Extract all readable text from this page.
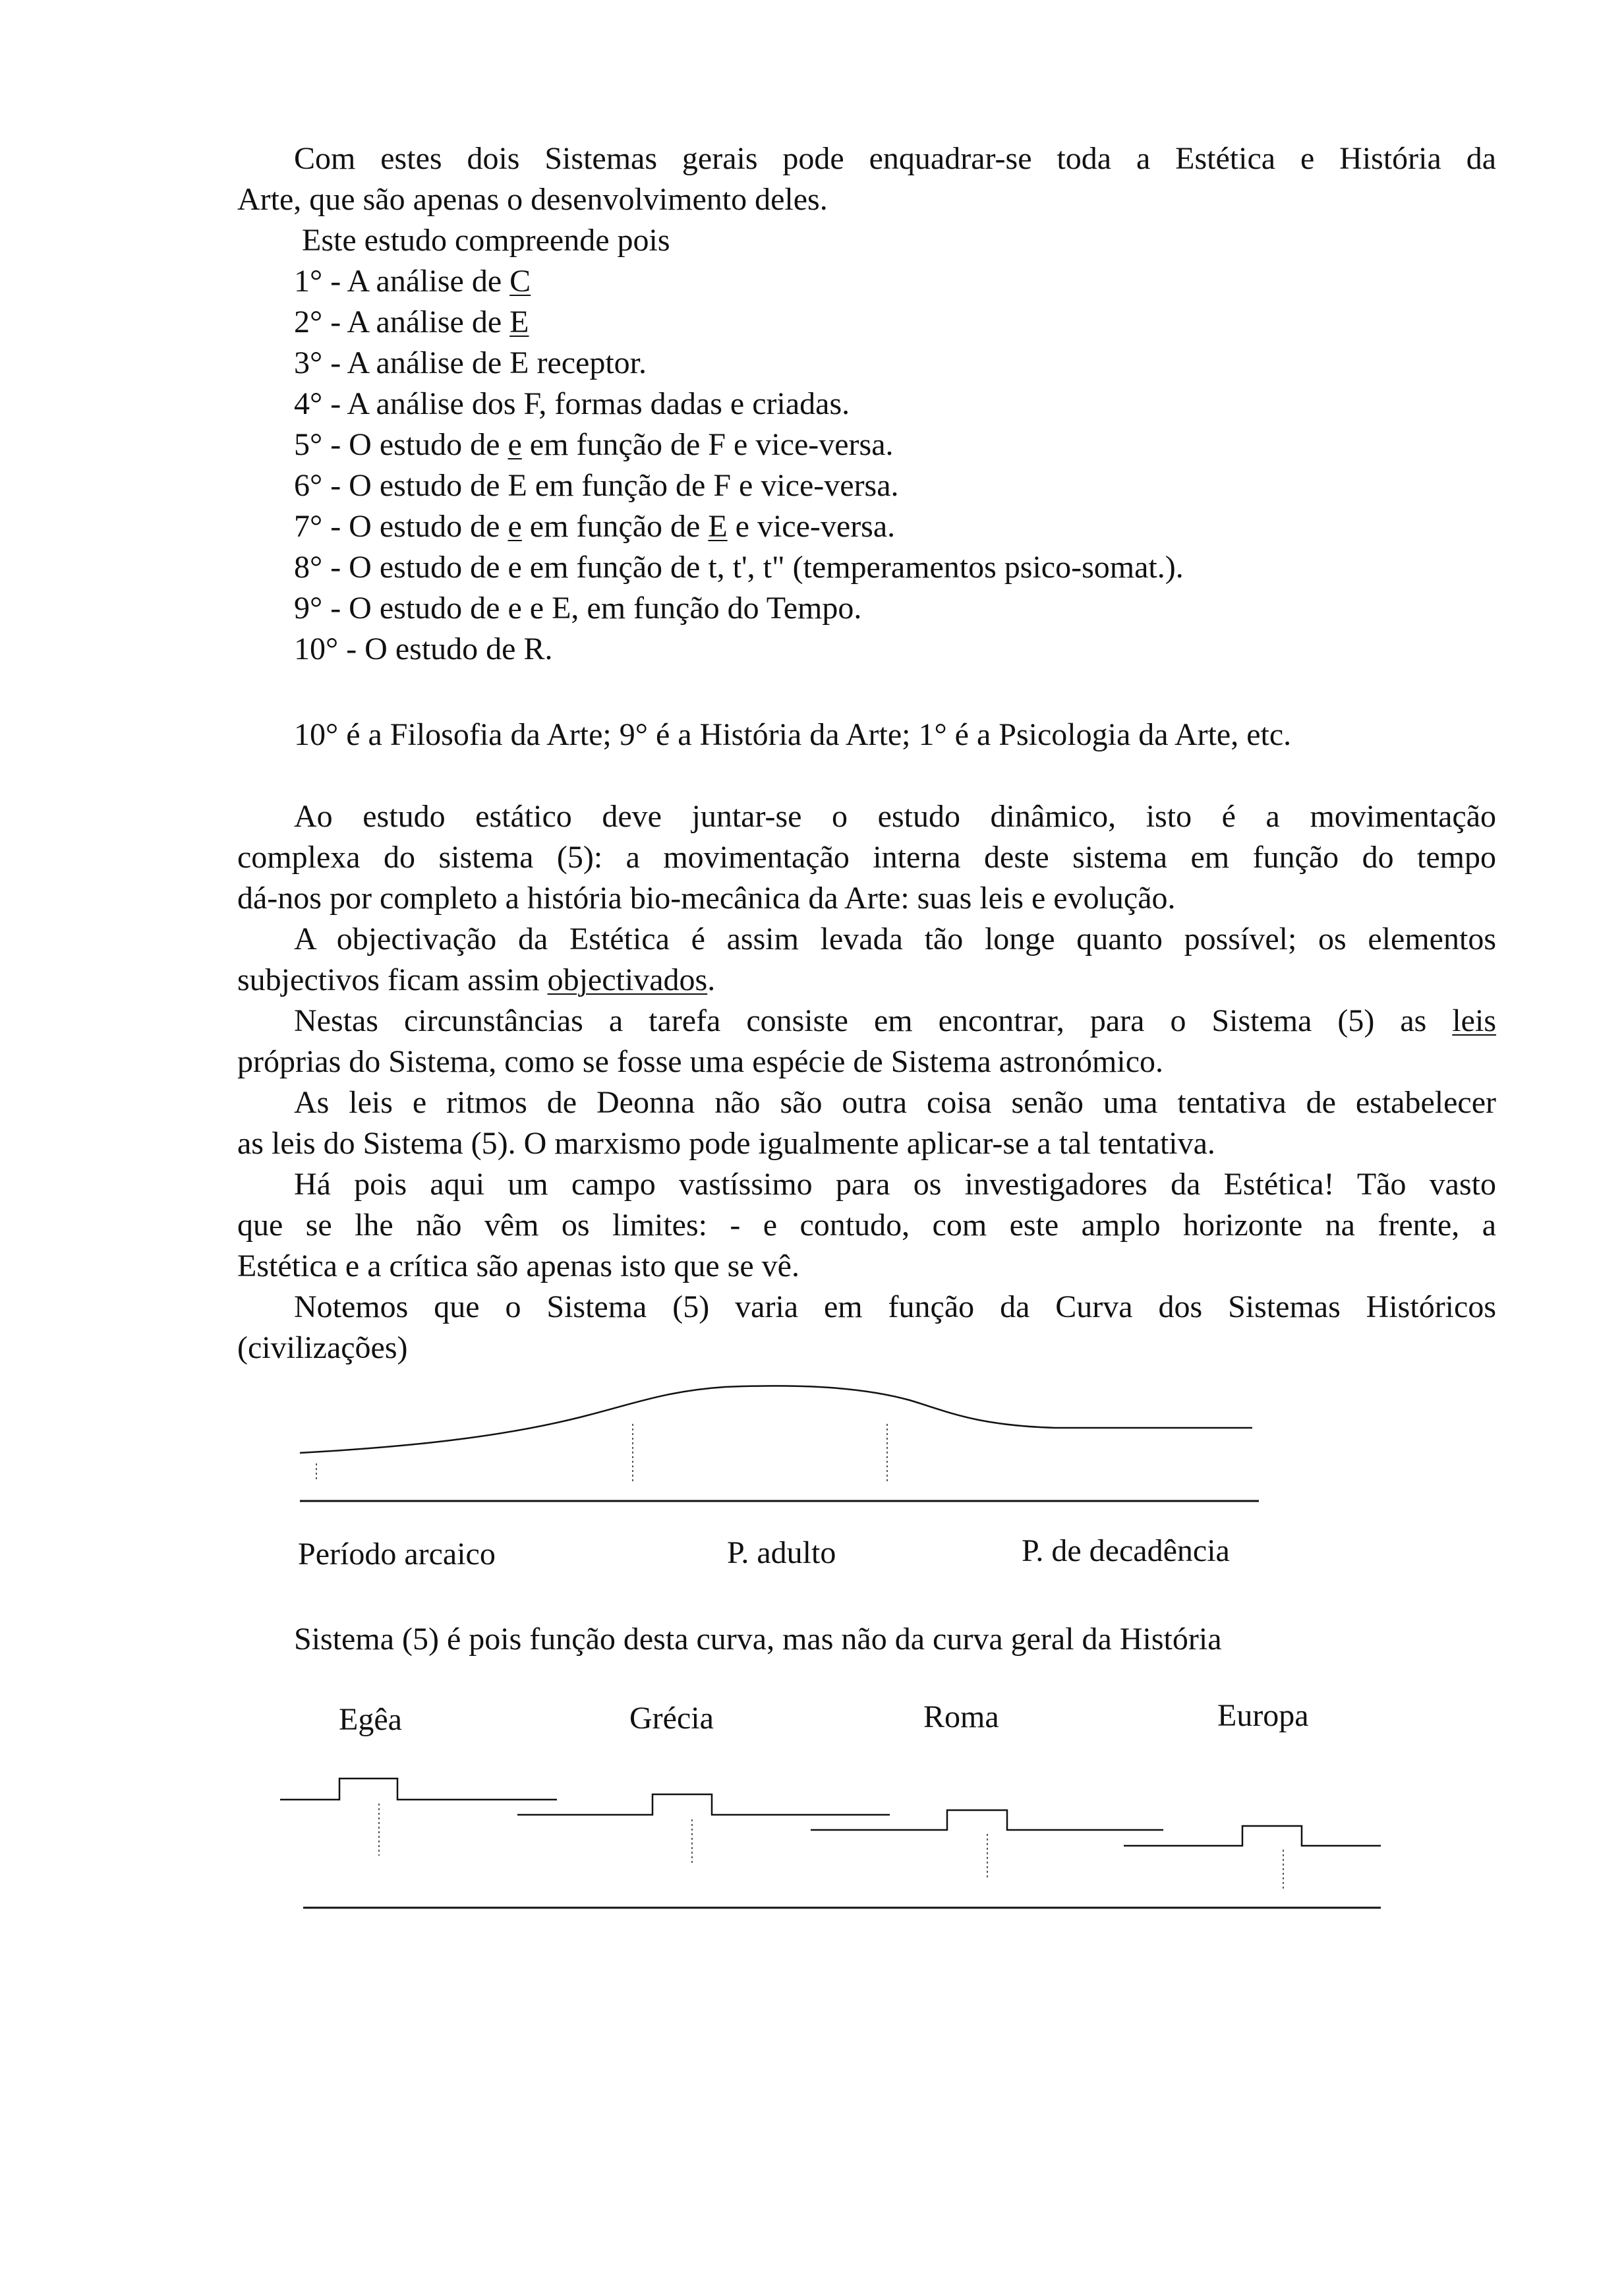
Com estes dois Sistemas gerais pode enquadrar-se toda a Estética e História da
Arte, que são apenas o desenvolvimento deles.
Este estudo compreende pois
1° - A análise de C
2° - A análise de E
3° - A análise de E receptor.
4° - A análise dos F, formas dadas e criadas.
5° - O estudo de e em função de F e vice-versa.
6° - O estudo de E em função de F e vice-versa.
7° - O estudo de e em função de E e vice-versa.
8° - O estudo de e em função de t, t', t" (temperamentos psico-somat.).
9° - O estudo de e e E, em função do Tempo.
10° - O estudo de R.
10° é a Filosofia da Arte; 9° é a História da Arte; 1° é a Psicologia da Arte, etc.
Ao estudo estático deve juntar-se o estudo dinâmico, isto é a movimentação
complexa do sistema (5): a movimentação interna deste sistema em função do tempo
dá-nos por completo a história bio-mecânica da Arte: suas leis e evolução.
A objectivação da Estética é assim levada tão longe quanto possível; os elementos
subjectivos ficam assim objectivados.
Nestas circunstâncias a tarefa consiste em encontrar, para o Sistema (5) as leis
próprias do Sistema, como se fosse uma espécie de Sistema astronómico.
As leis e ritmos de Deonna não são outra coisa senão uma tentativa de estabelecer
as leis do Sistema (5). O marxismo pode igualmente aplicar-se a tal tentativa.
Há pois aqui um campo vastíssimo para os investigadores da Estética! Tão vasto
que se lhe não vêm os limites: - e contudo, com este amplo horizonte na frente, a
Estética e a crítica são apenas isto que se vê.
Notemos que o Sistema (5) varia em função da Curva dos Sistemas Históricos
(civilizações)
Período arcaico	P. adulto	P. de decadência
Sistema (5) é pois função desta curva, mas não da curva geral da História
Egêa	Grécia	Roma	Europa
